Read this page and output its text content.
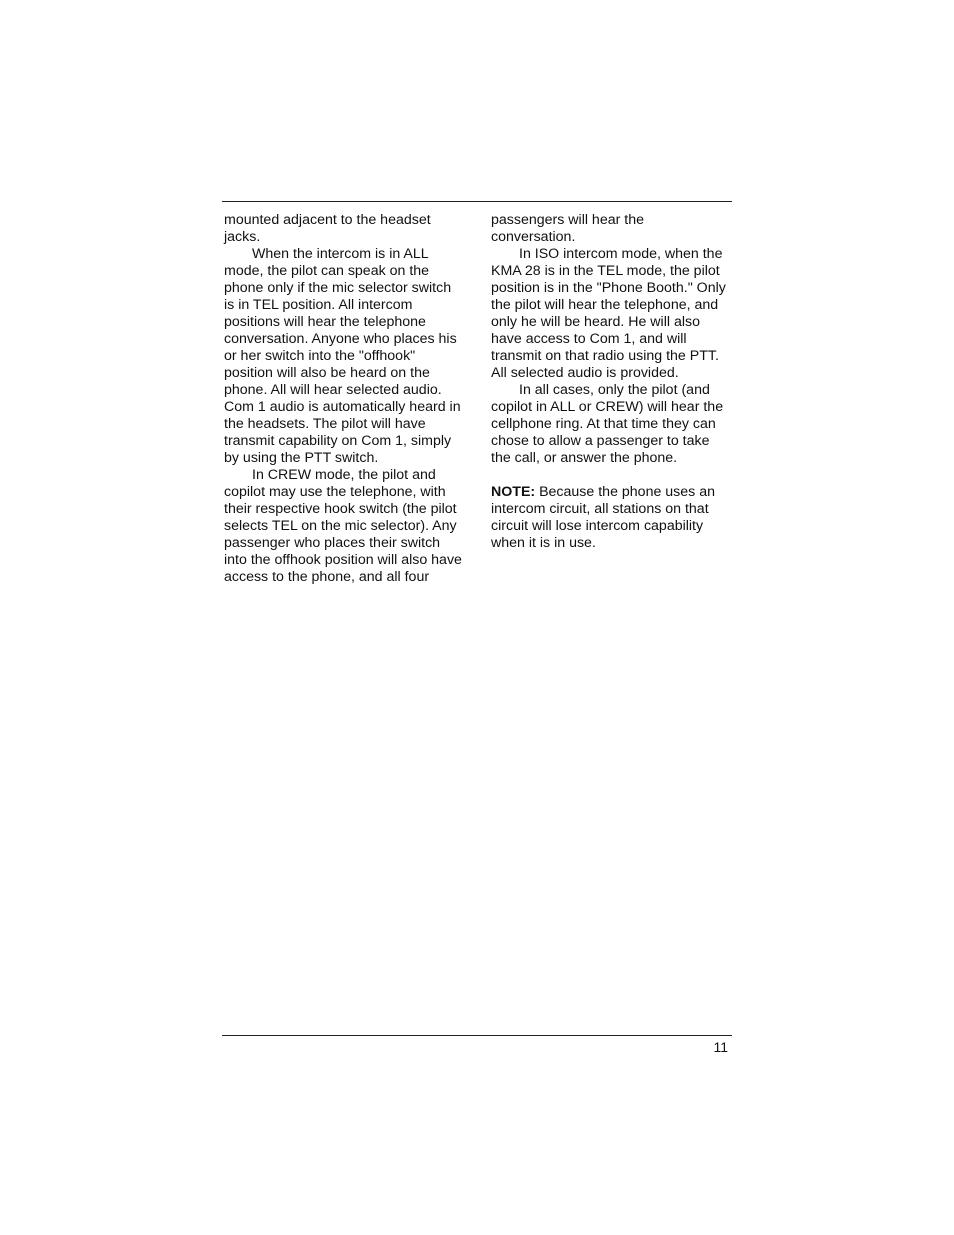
mounted adjacent to the headset
jacks.
When the intercom is in ALL
mode, the pilot can speak on the
phone only if the mic selector switch
is in TEL position. All intercom
positions will hear the telephone
conversation. Anyone who places his
or her switch into the "offhook"
position will also be heard on the
phone. All will hear selected audio.
Com 1 audio is automatically heard in
the headsets. The pilot will have
transmit capability on Com 1, simply
by using the PTT switch.
In CREW mode, the pilot and
copilot may use the telephone, with
their respective hook switch (the pilot
selects TEL on the mic selector). Any
passenger who places their switch
into the offhook position will also have
access to the phone, and all four
passengers will hear the
conversation.
In ISO intercom mode, when the
KMA 28 is in the TEL mode, the pilot
position is in the "Phone Booth." Only
the pilot will hear the telephone, and
only he will be heard. He will also
have access to Com 1, and will
transmit on that radio using the PTT.
All selected audio is provided.
In all cases, only the pilot (and
copilot in ALL or CREW) will hear the
cellphone ring. At that time they can
chose to allow a passenger to take
the call, or answer the phone.
NOTE: Because the phone uses an
intercom circuit, all stations on that
circuit will lose intercom capability
when it is in use.
11
